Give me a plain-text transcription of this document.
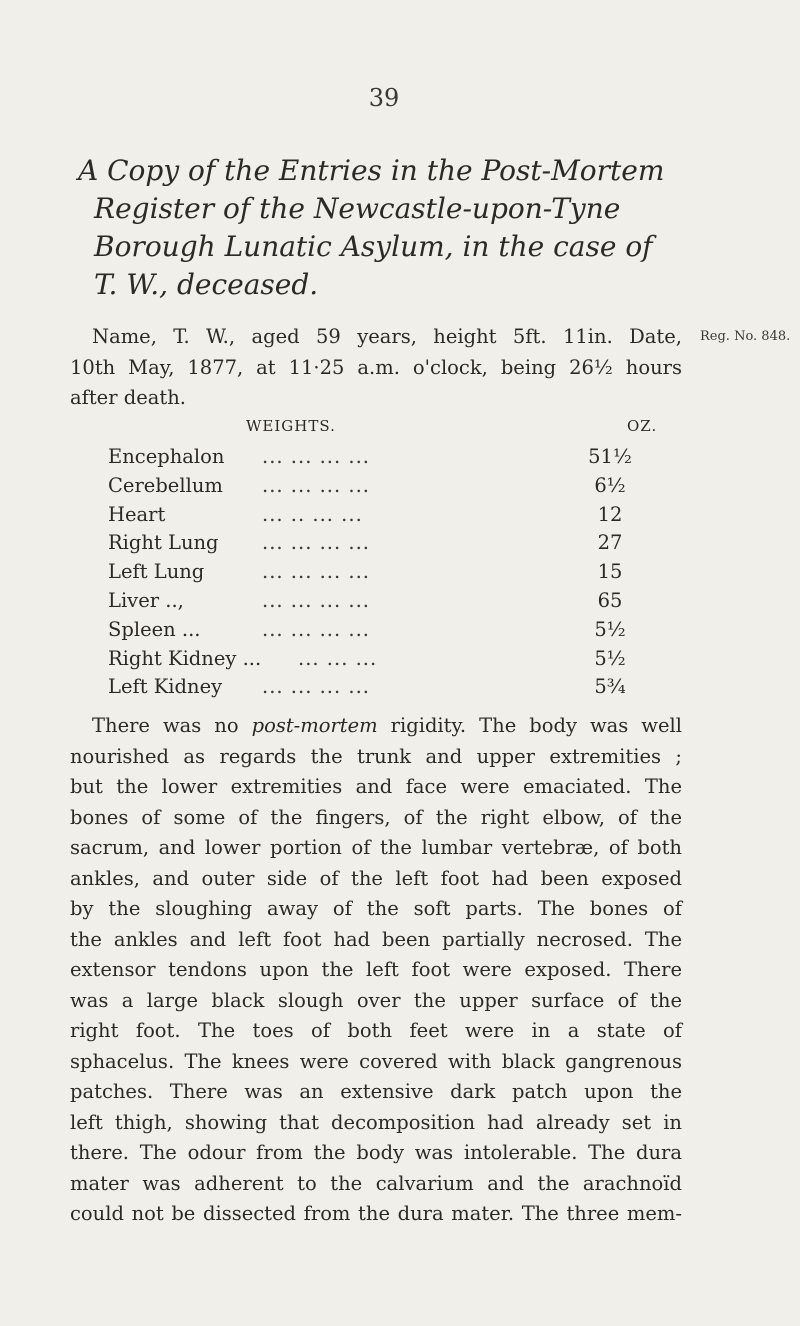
39
A Copy of the Entries in the Post-Mortem
Register of the Newcastle-upon-Tyne
Borough Lunatic Asylum, in the case of
T. W., deceased.
Reg. No. 848.
Name, T. W., aged 59 years, height 5ft. 11in. Date,
10th May, 1877, at 11·25 a.m. o'clock, being 26½ hours
after death.
WEIGHTS.	OZ.
Encephalon ... ... ... ...	51½
Cerebellum ... ... ... ...	6½
Heart	... .. ... ...	12
Right Lung ... ... ... ...	27
Left Lung	... ... ... ...	15
Liver ..,	... ... ... ...	65
Spleen ...	... ... ... ...	5½
Right Kidney ... ... ... ...	5½
Left Kidney ... ... ... ...	5¾
There was no post-mortem rigidity. The body was well
nourished as regards the trunk and upper extremities ;
but the lower extremities and face were emaciated. The
bones of some of the fingers, of the right elbow, of the
sacrum, and lower portion of the lumbar vertebræ, of both
ankles, and outer side of the left foot had been exposed
by the sloughing away of the soft parts. The bones of
the ankles and left foot had been partially necrosed. The
extensor tendons upon the left foot were exposed. There
was a large black slough over the upper surface of the
right foot. The toes of both feet were in a state of
sphacelus. The knees were covered with black gangrenous
patches. There was an extensive dark patch upon the
left thigh, showing that decomposition had already set in
there. The odour from the body was intolerable. The dura
mater was adherent to the calvarium and the arachnoïd
could not be dissected from the dura mater. The three mem-
